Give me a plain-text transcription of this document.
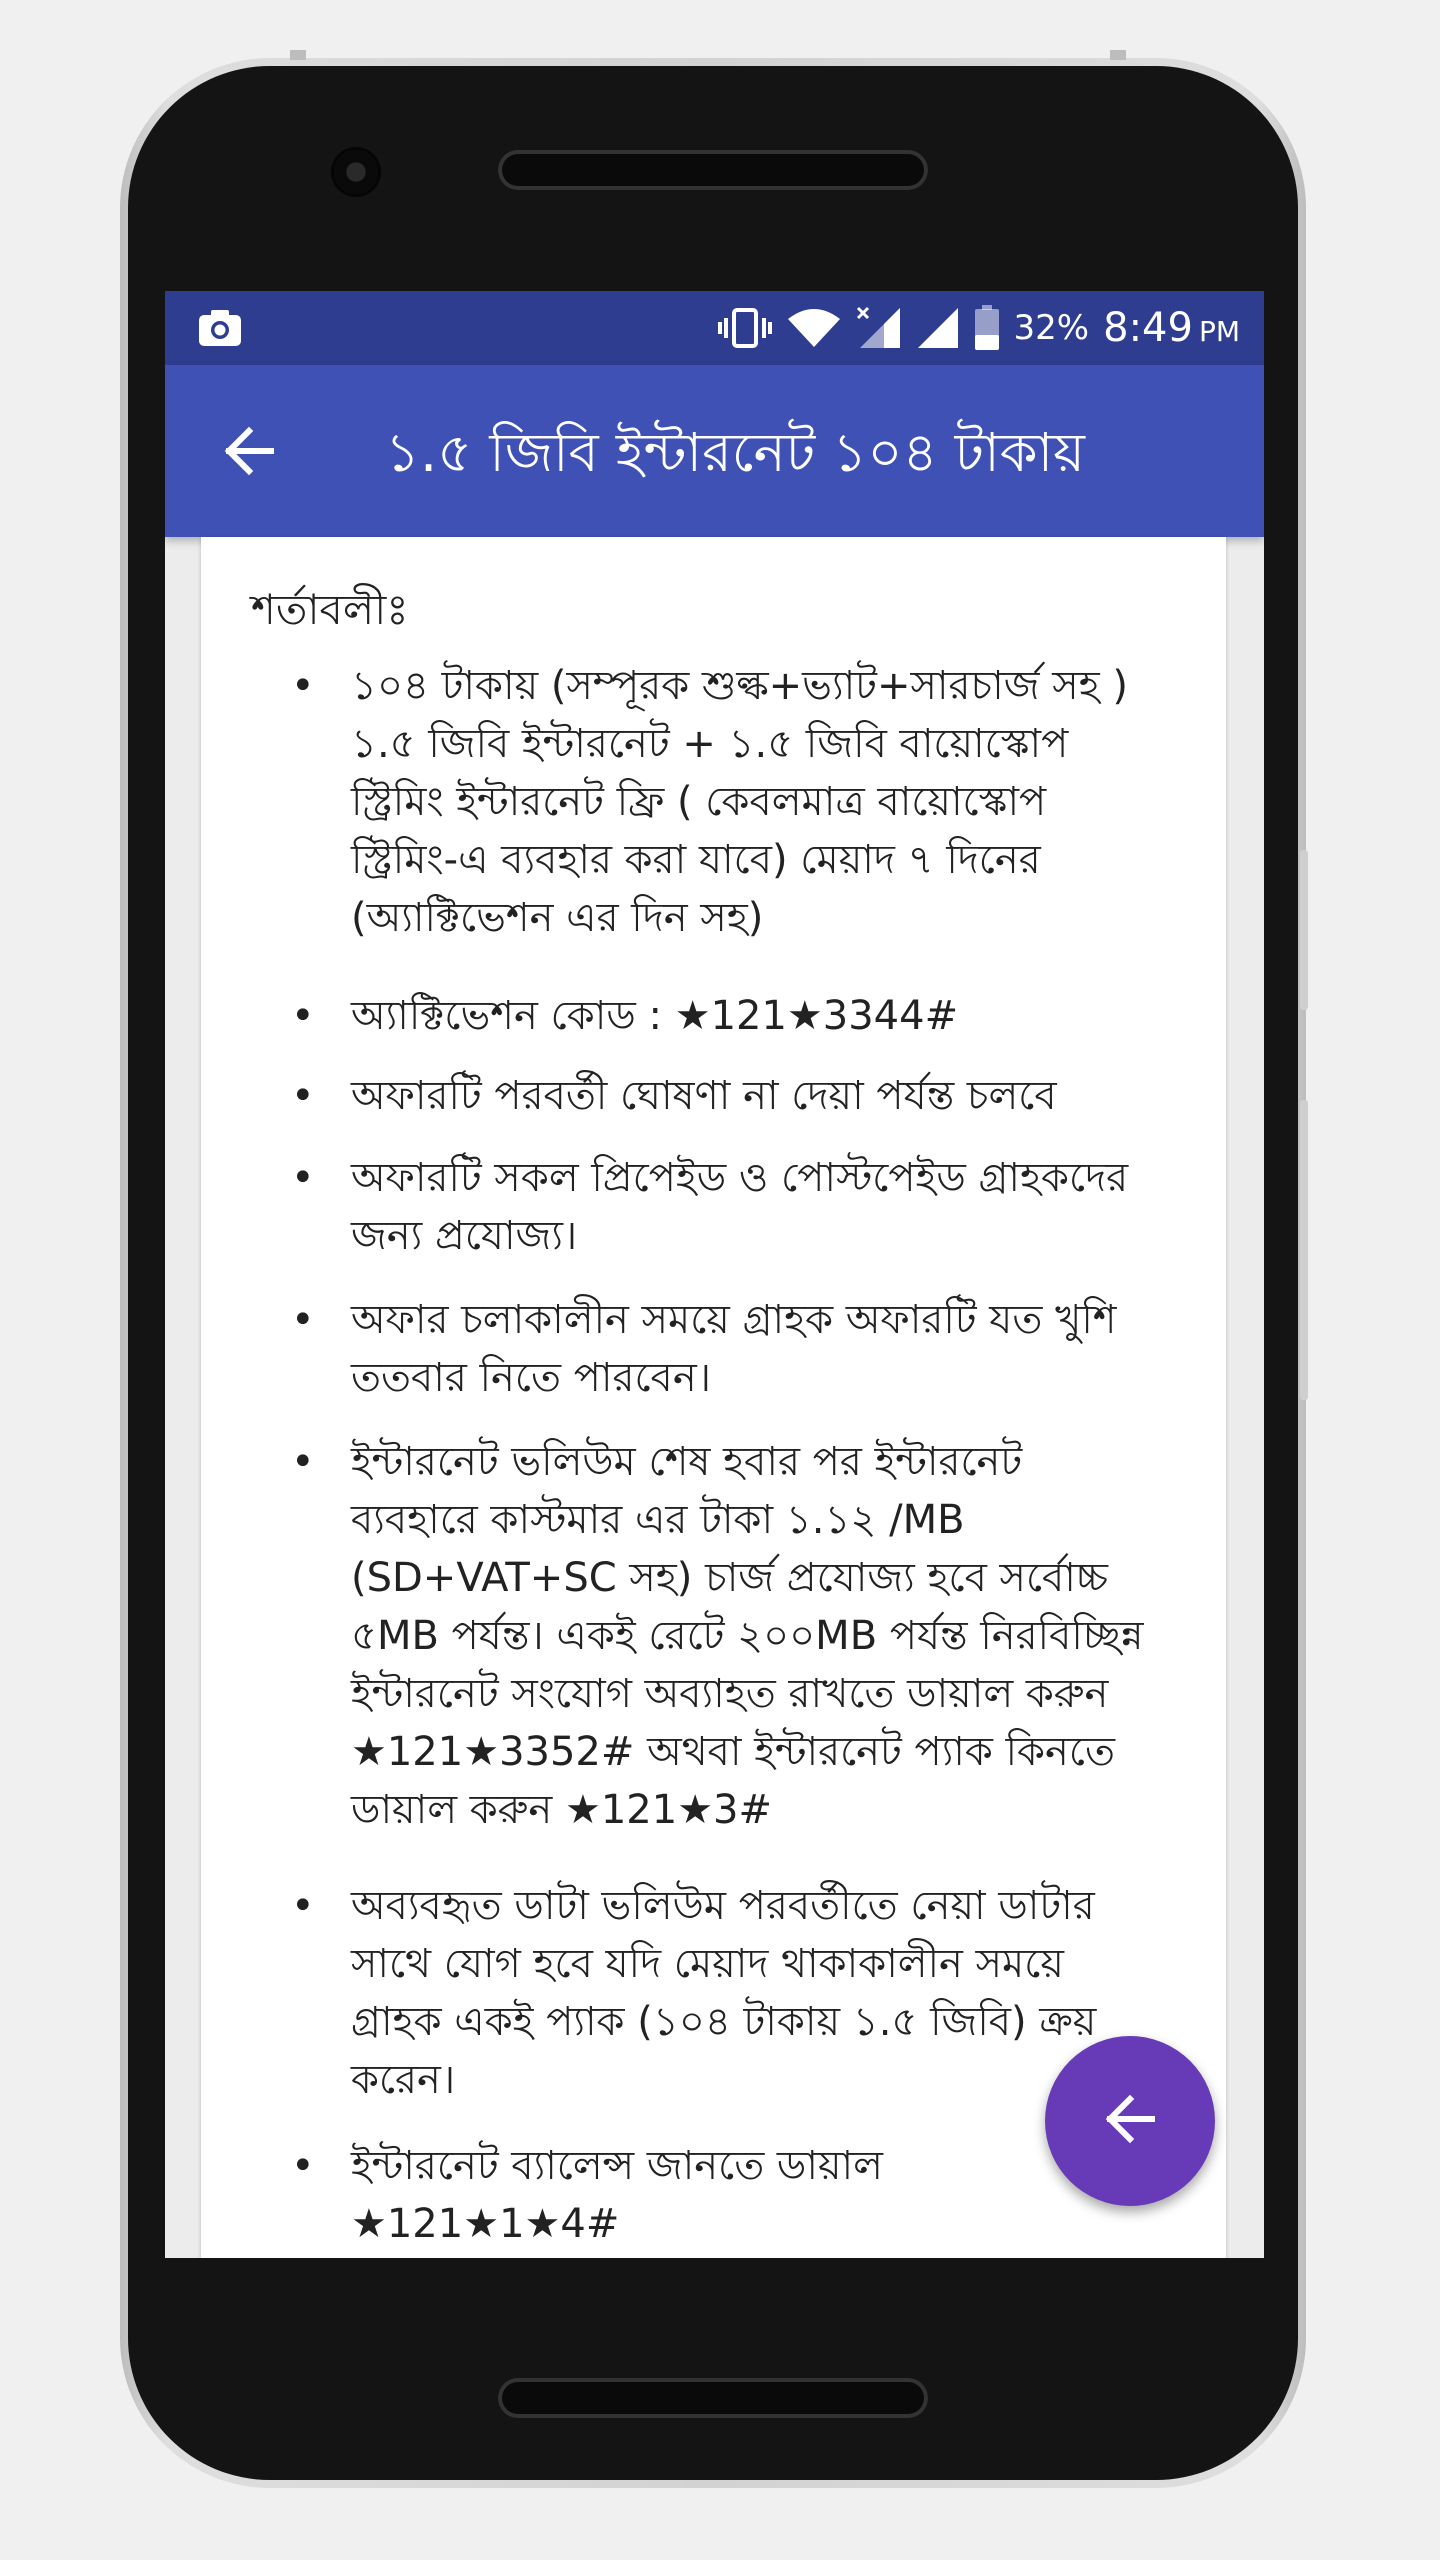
32% 8:49 PM
১.৫ জিবি ইন্টারনেট ১০৪ টাকায়
শর্তাবলীঃ
• ১০৪ টাকায় (সম্পূরক শুল্ক+ভ্যাট+সারচার্জ সহ ) ১.৫ জিবি ইন্টারনেট + ১.৫ জিবি বায়োস্কোপ স্ট্রিমিং ইন্টারনেট ফ্রি ( কেবলমাত্র বায়োস্কোপ স্ট্রিমিং-এ ব্যবহার করা যাবে) মেয়াদ ৭ দিনের (অ্যাক্টিভেশন এর দিন সহ)
• অ্যাক্টিভেশন কোড : ★121★3344#
• অফারটি পরবর্তী ঘোষণা না দেয়া পর্যন্ত চলবে
• অফারটি সকল প্রিপেইড ও পোস্টপেইড গ্রাহকদের জন্য প্রযোজ্য।
• অফার চলাকালীন সময়ে গ্রাহক অফারটি যত খুশি ততবার নিতে পারবেন।
• ইন্টারনেট ভলিউম শেষ হবার পর ইন্টারনেট ব্যবহারে কাস্টমার এর টাকা ১.১২ /MB (SD+VAT+SC সহ) চার্জ প্রযোজ্য হবে সর্বোচ্চ ৫MB পর্যন্ত। একই রেটে ২০০MB পর্যন্ত নিরবিচ্ছিন্ন ইন্টারনেট সংযোগ অব্যাহত রাখতে ডায়াল করুন ★121★3352# অথবা ইন্টারনেট প্যাক কিনতে ডায়াল করুন ★121★3#
• অব্যবহৃত ডাটা ভলিউম পরবর্তীতে নেয়া ডাটার সাথে যোগ হবে যদি মেয়াদ থাকাকালীন সময়ে গ্রাহক একই প্যাক (১০৪ টাকায় ১.৫ জিবি) ক্রয় করেন।
• ইন্টারনেট ব্যালেন্স জানতে ডায়াল ★121★1★4#
